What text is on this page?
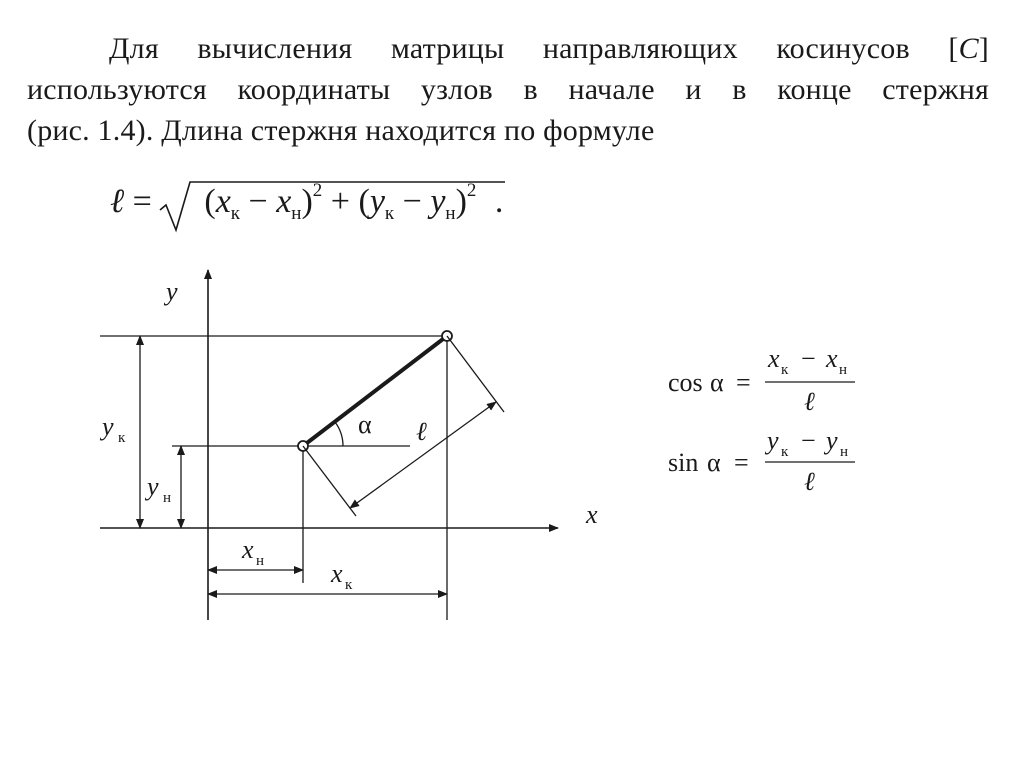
Для вычисления матрицы направляющих косинусов [C]
используются координаты узлов в начале и в конце стержня
(рис. 1.4). Длина стержня находится по формуле
ℓ = $(x_к - x_н)^2 + (y_к - y_н)^2$ .
y
x
α ℓ
y к
y н
x н	x к
cos α =
x к − x н
ℓ
sin α =
y к − y н
ℓ
